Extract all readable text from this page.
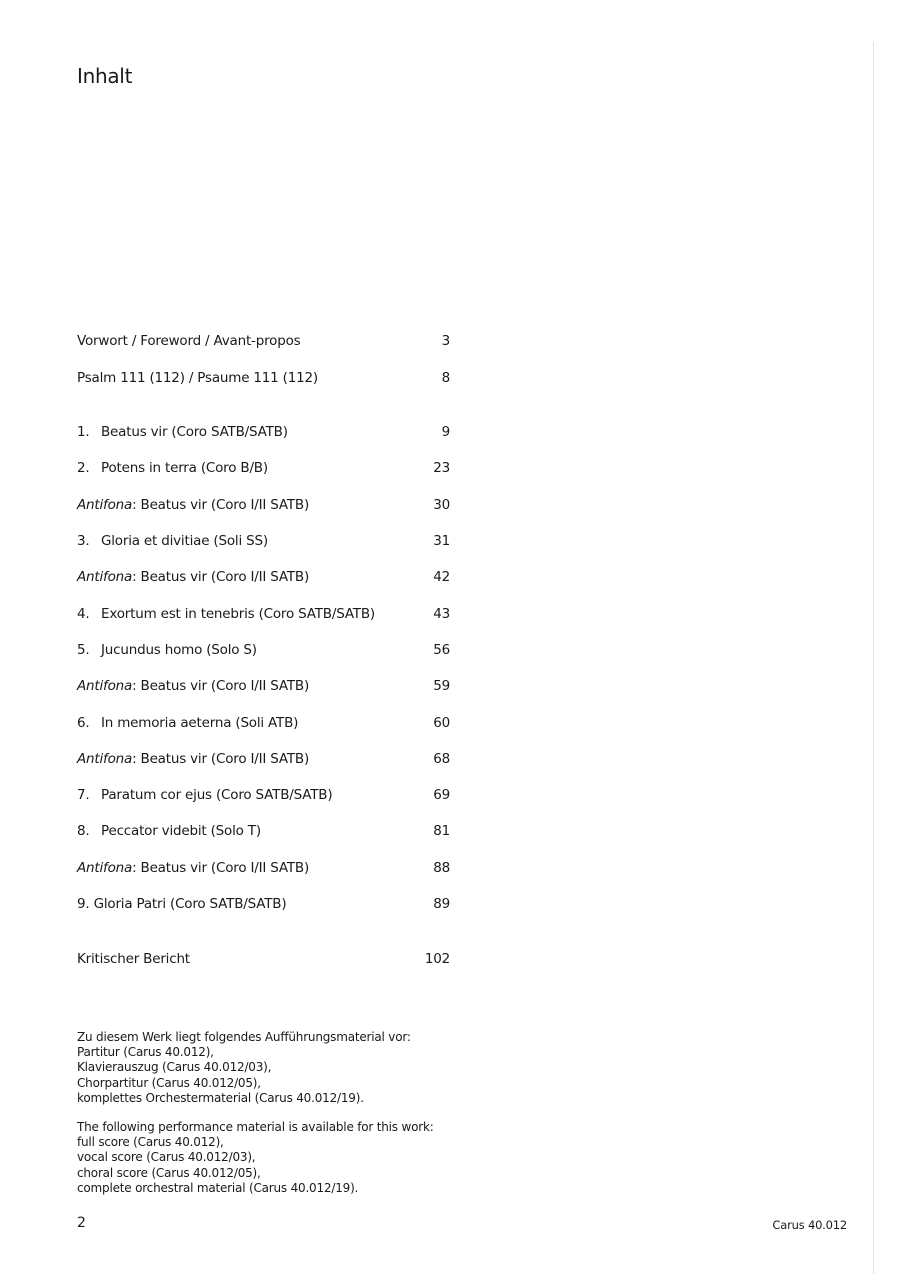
Inhalt
Vorwort / Foreword / Avant-propos	3
Psalm 111 (112) / Psaume 111 (112)	8
1. Beatus vir (Coro SATB/SATB)	9
2. Potens in terra (Coro B/B)	23
Antifona: Beatus vir (Coro I/II SATB)	30
3. Gloria et divitiae (Soli SS)	31
Antifona: Beatus vir (Coro I/II SATB)	42
4. Exortum est in tenebris (Coro SATB/SATB)	43
5. Jucundus homo (Solo S)	56
Antifona: Beatus vir (Coro I/II SATB)	59
6. In memoria aeterna (Soli ATB)	60
Antifona: Beatus vir (Coro I/II SATB)	68
7. Paratum cor ejus (Coro SATB/SATB)	69
8. Peccator videbit (Solo T)	81
Antifona: Beatus vir (Coro I/II SATB)	88
9. Gloria Patri (Coro SATB/SATB)	89
Kritischer Bericht	102
Zu diesem Werk liegt folgendes Aufführungsmaterial vor:
Partitur (Carus 40.012),
Klavierauszug (Carus 40.012/03),
Chorpartitur (Carus 40.012/05),
komplettes Orchestermaterial (Carus 40.012/19).
The following performance material is available for this work:
full score (Carus 40.012),
vocal score (Carus 40.012/03),
choral score (Carus 40.012/05),
complete orchestral material (Carus 40.012/19).
2	Carus 40.012
